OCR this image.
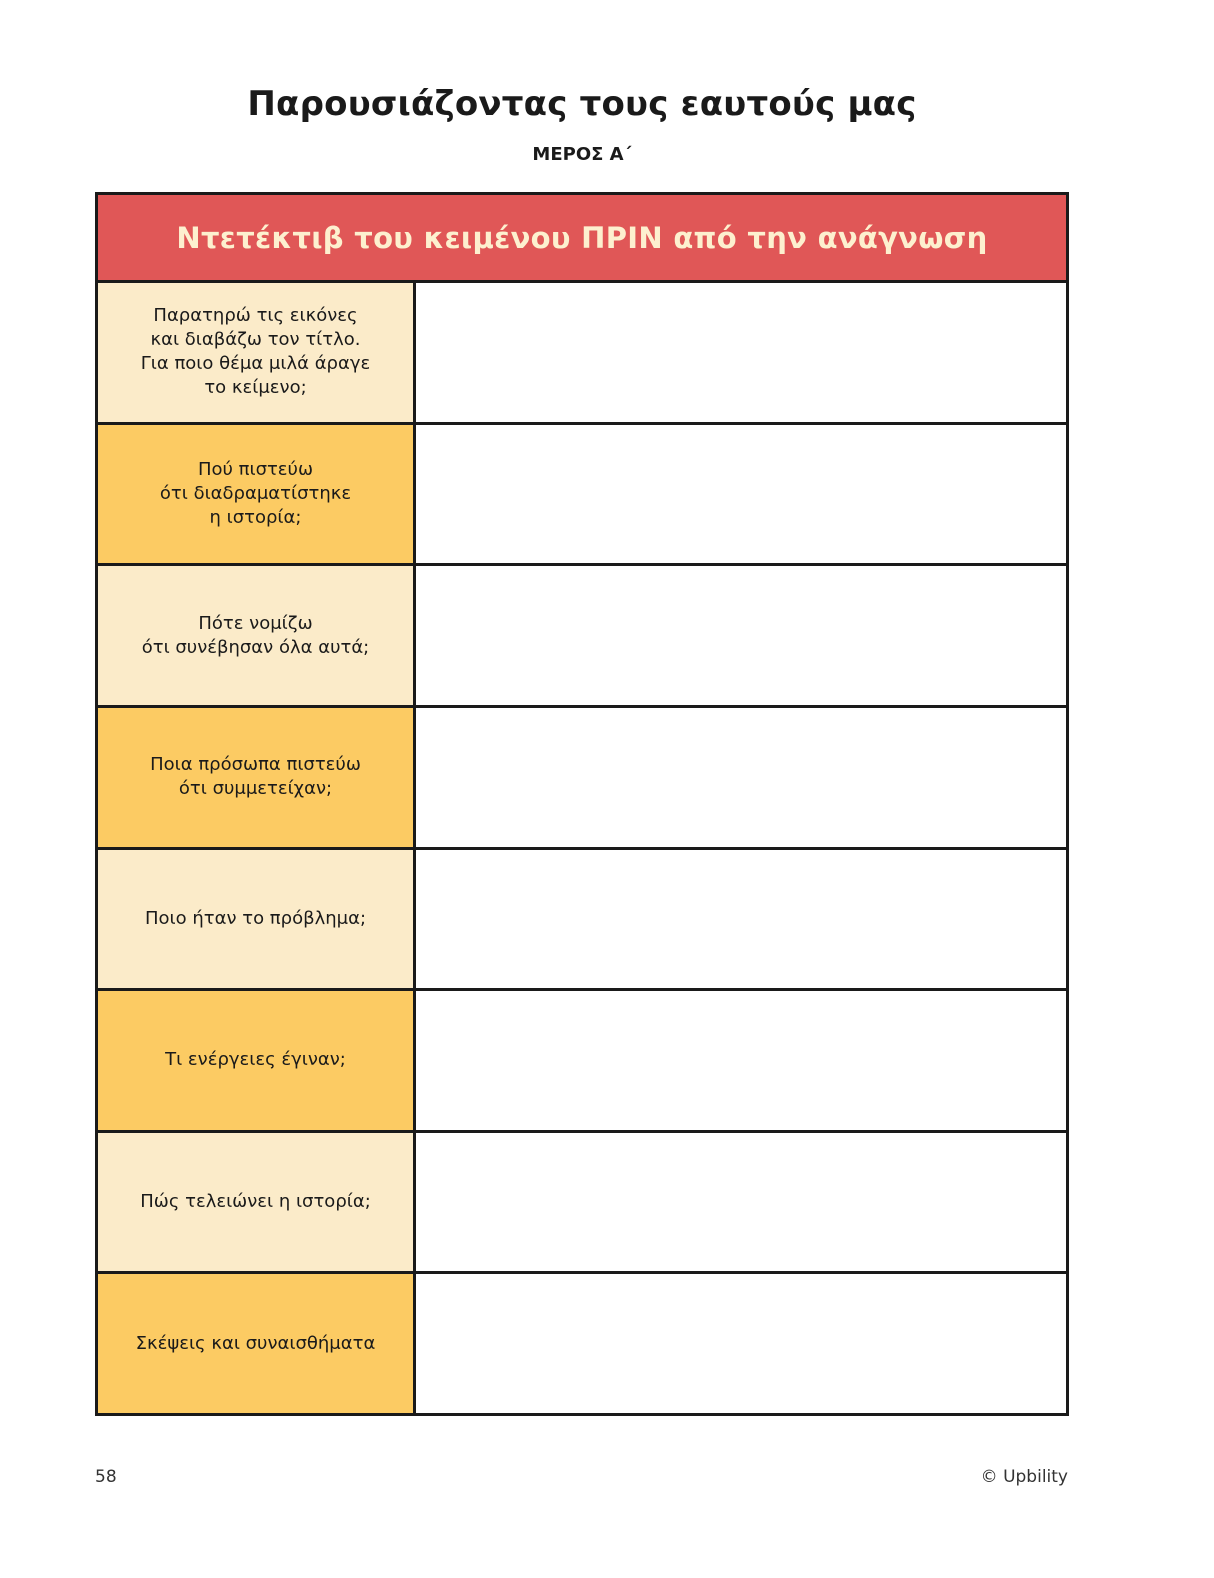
Παρουσιάζοντας τους εαυτούς μας
ΜΕΡΟΣ Α΄
Ντετέκτιβ του κειμένου ΠΡΙΝ από την ανάγνωση
Παρατηρώ τις εικόνες
και διαβάζω τον τίτλο.
Για ποιο θέμα μιλά άραγε
το κείμενο;
Πού πιστεύω
ότι διαδραματίστηκε
η ιστορία;
Πότε νομίζω
ότι συνέβησαν όλα αυτά;
Ποια πρόσωπα πιστεύω
ότι συμμετείχαν;
Ποιο ήταν το πρόβλημα;
Τι ενέργειες έγιναν;
Πώς τελειώνει η ιστορία;
Σκέψεις και συναισθήματα
58	© Upbility
